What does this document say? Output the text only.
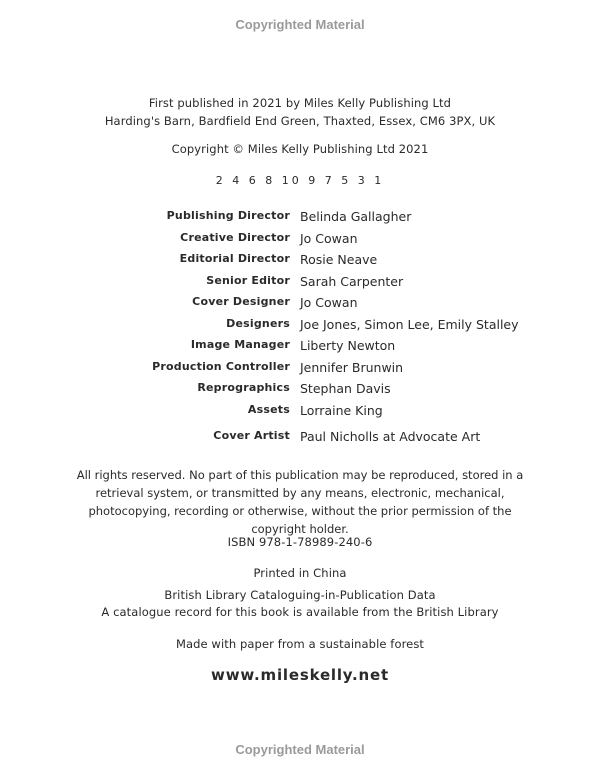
Copyrighted Material
First published in 2021 by Miles Kelly Publishing Ltd
Harding's Barn, Bardfield End Green, Thaxted, Essex, CM6 3PX, UK
Copyright © Miles Kelly Publishing Ltd 2021
2 4 6 8 10 9 7 5 3 1
Publishing Director Belinda Gallagher
Creative Director Jo Cowan
Editorial Director Rosie Neave
Senior Editor Sarah Carpenter
Cover Designer Jo Cowan
Designers Joe Jones, Simon Lee, Emily Stalley
Image Manager Liberty Newton
Production Controller Jennifer Brunwin
Reprographics Stephan Davis
Assets Lorraine King
Cover Artist Paul Nicholls at Advocate Art
All rights reserved. No part of this publication may be reproduced, stored in a retrieval system, or transmitted by any means, electronic, mechanical, photocopying, recording or otherwise, without the prior permission of the copyright holder.
ISBN 978-1-78989-240-6
Printed in China
British Library Cataloguing-in-Publication Data
A catalogue record for this book is available from the British Library
Made with paper from a sustainable forest
www.mileskelly.net
Copyrighted Material
